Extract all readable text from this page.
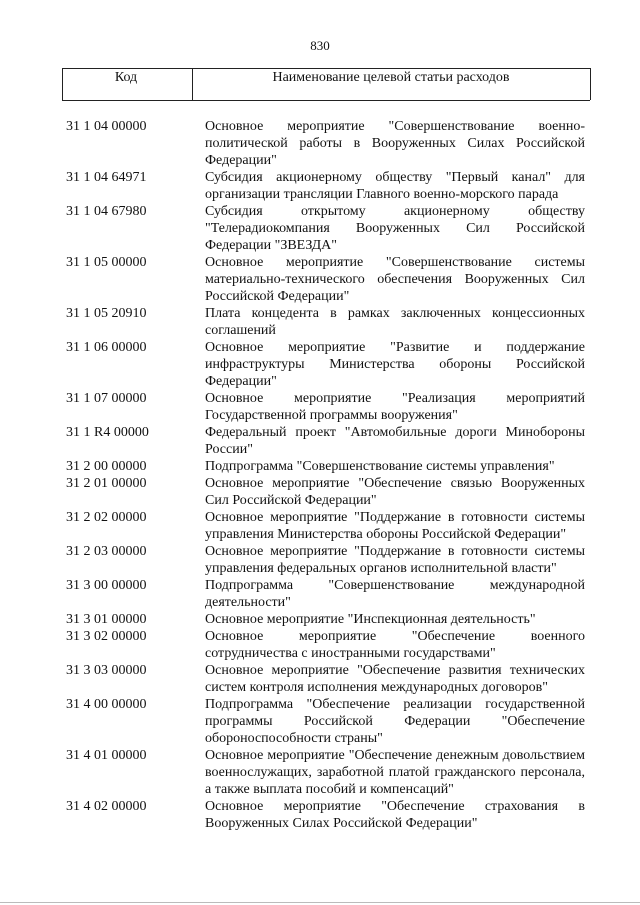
830
Код	Наименование целевой статьи расходов
31 1 04 00000	Основное мероприятие "Совершенствование военно-политической работы в Вооруженных Силах Российской Федерации"
31 1 04 64971	Субсидия акционерному обществу "Первый канал" для организации трансляции Главного военно-морского парада
31 1 04 67980	Субсидия открытому акционерному обществу "Телерадиокомпания Вооруженных Сил Российской Федерации "ЗВЕЗДА"
31 1 05 00000	Основное мероприятие "Совершенствование системы материально-технического обеспечения Вооруженных Сил Российской Федерации"
31 1 05 20910	Плата концедента в рамках заключенных концессионных соглашений
31 1 06 00000	Основное мероприятие "Развитие и поддержание инфраструктуры Министерства обороны Российской Федерации"
31 1 07 00000	Основное мероприятие "Реализация мероприятий Государственной программы вооружения"
31 1 R4 00000	Федеральный проект "Автомобильные дороги Минобороны России"
31 2 00 00000	Подпрограмма "Совершенствование системы управления"
31 2 01 00000	Основное мероприятие "Обеспечение связью Вооруженных Сил Российской Федерации"
31 2 02 00000	Основное мероприятие "Поддержание в готовности системы управления Министерства обороны Российской Федерации"
31 2 03 00000	Основное мероприятие "Поддержание в готовности системы управления федеральных органов исполнительной власти"
31 3 00 00000	Подпрограмма "Совершенствование международной деятельности"
31 3 01 00000	Основное мероприятие "Инспекционная деятельность"
31 3 02 00000	Основное мероприятие "Обеспечение военного сотрудничества с иностранными государствами"
31 3 03 00000	Основное мероприятие "Обеспечение развития технических систем контроля исполнения международных договоров"
31 4 00 00000	Подпрограмма "Обеспечение реализации государственной программы Российской Федерации "Обеспечение обороноспособности страны"
31 4 01 00000	Основное мероприятие "Обеспечение денежным довольствием военнослужащих, заработной платой гражданского персонала, а также выплата пособий и компенсаций"
31 4 02 00000	Основное мероприятие "Обеспечение страхования в Вооруженных Силах Российской Федерации"
